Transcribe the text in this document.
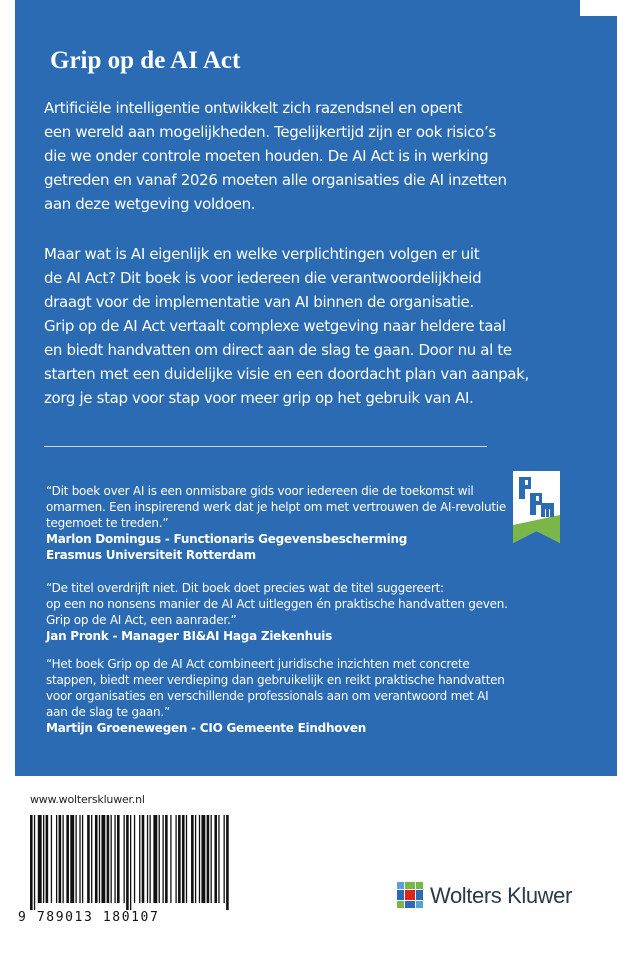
Grip op de AI Act
Artificiële intelligentie ontwikkelt zich razendsnel en opent
een wereld aan mogelijkheden. Tegelijkertijd zijn er ook risico’s
die we onder controle moeten houden. De AI Act is in werking
getreden en vanaf 2026 moeten alle organisaties die AI inzetten
aan deze wetgeving voldoen.
Maar wat is AI eigenlijk en welke verplichtingen volgen er uit
de AI Act? Dit boek is voor iedereen die verantwoordelijkheid
draagt voor de implementatie van AI binnen de organisatie.
Grip op de AI Act vertaalt complexe wetgeving naar heldere taal
en biedt handvatten om direct aan de slag te gaan. Door nu al te
starten met een duidelijke visie en een doordacht plan van aanpak,
zorg je stap voor stap voor meer grip op het gebruik van AI.
“Dit boek over AI is een onmisbare gids voor iedereen die de toekomst wil
omarmen. Een inspirerend werk dat je helpt om met vertrouwen de AI-revolutie
tegemoet te treden.”
Marlon Domingus - Functionaris Gegevensbescherming
Erasmus Universiteit Rotterdam
“De titel overdrijft niet. Dit boek doet precies wat de titel suggereert:
op een no nonsens manier de AI Act uitleggen én praktische handvatten geven.
Grip op de AI Act, een aanrader.”
Jan Pronk - Manager BI&AI Haga Ziekenhuis
“Het boek Grip op de AI Act combineert juridische inzichten met concrete
stappen, biedt meer verdieping dan gebruikelijk en reikt praktische handvatten
voor organisaties en verschillende professionals aan om verantwoord met AI
aan de slag te gaan.”
Martijn Groenewegen - CIO Gemeente Eindhoven
www.wolterskluwer.nl
9 789013 180107
Wolters Kluwer
